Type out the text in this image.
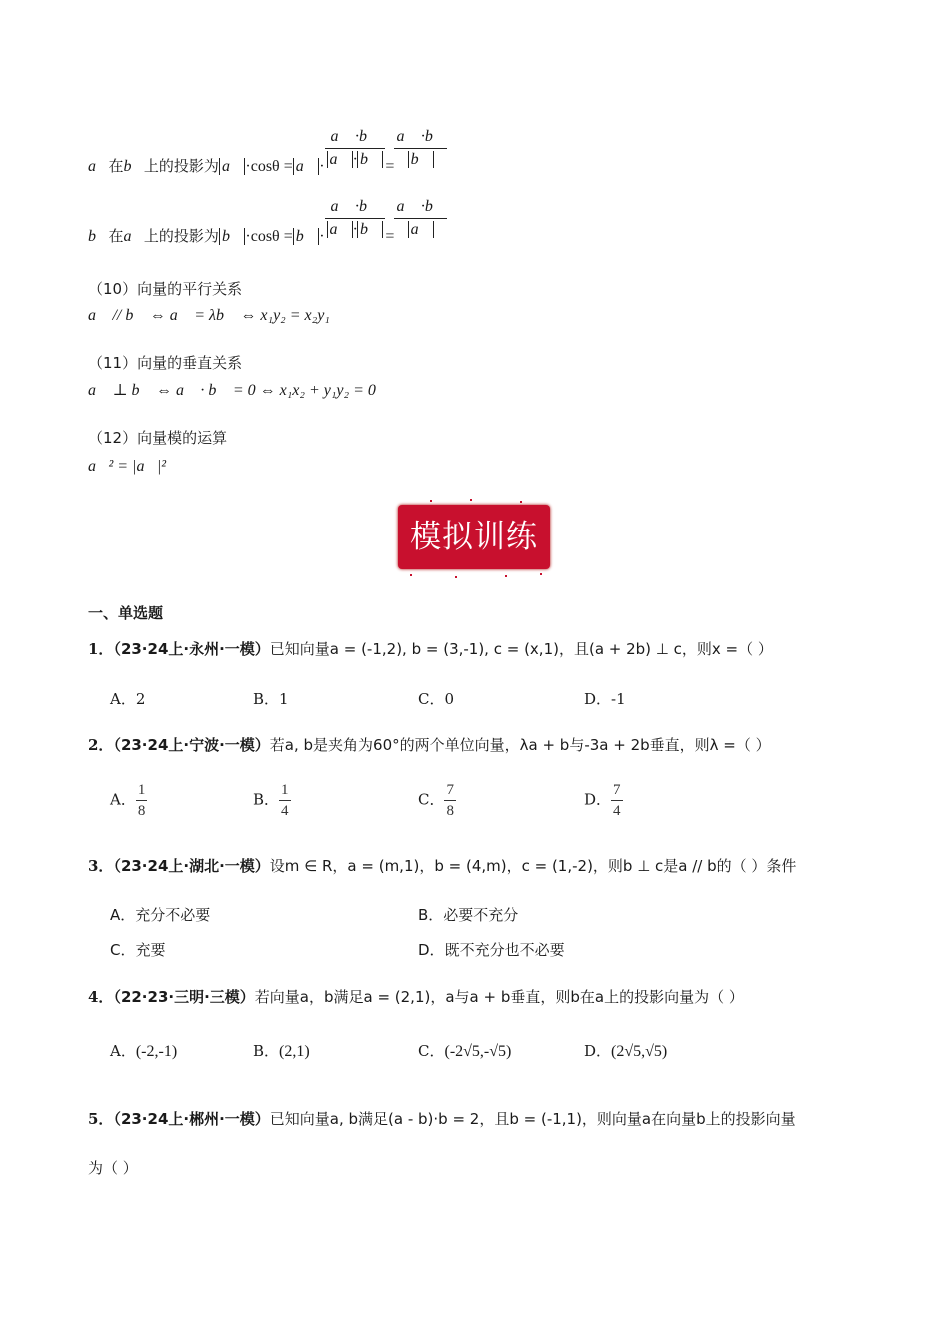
a⃗在b⃗上的投影为 a⃗ ·cosθ = a⃗ · $\frac{a⃗ \cdot b⃗}{a⃗ \cdot b⃗} = \frac{a⃗ \cdot b⃗}{b⃗}$
b⃗在a⃗上的投影为 b⃗ ·cosθ = b⃗ · $\frac{a⃗ \cdot b⃗}{a⃗ \cdot b⃗} = \frac{a⃗ \cdot b⃗}{a⃗}$
（10）向量的平行关系
a⃗ // b⃗ ⇔ a⃗ = λb⃗ ⇔ x₁y₂ = x₂y₁
（11）向量的垂直关系
a⃗ ⊥ b⃗ ⇔ a⃗ · b⃗ = 0 ⇔ x₁x₂ + y₁y₂ = 0
（12）向量模的运算
a⃗² = |a⃗|²
模拟训练
一、单选题
1．（23·24上·永州·一模）已知向量a = (-1,2), b = (3,-1), c = (x,1)，且(a + 2b) ⊥ c，则x =（ ）
A．2	B．1	C．0	D．-1
2．（23·24上·宁波·一模）若a, b是夹角为60°的两个单位向量，λa + b与-3a + 2b垂直，则λ =（ ）
A． $\frac{1}{8}$	B． $\frac{1}{4}$	C． $\frac{7}{8}$	D． $\frac{7}{4}$
3．（23·24上·湖北·一模）设m ∈ R，a = (m,1)，b = (4,m)，c = (1,-2)，则b ⊥ c是a // b的（ ）条件
A．充分不必要	B．必要不充分
C．充要	D．既不充分也不必要
4．（22·23·三明·三模）若向量a，b满足a = (2,1)，a与a + b垂直，则b在a上的投影向量为（ ）
A．(-2,-1)	B．(2,1)	C．(-2√5,-√5)	D．(2√5,√5)
5．（23·24上·郴州·一模）已知向量a, b满足(a - b)·b = 2，且b = (-1,1)，则向量a在向量b上的投影向量
为（ ）
